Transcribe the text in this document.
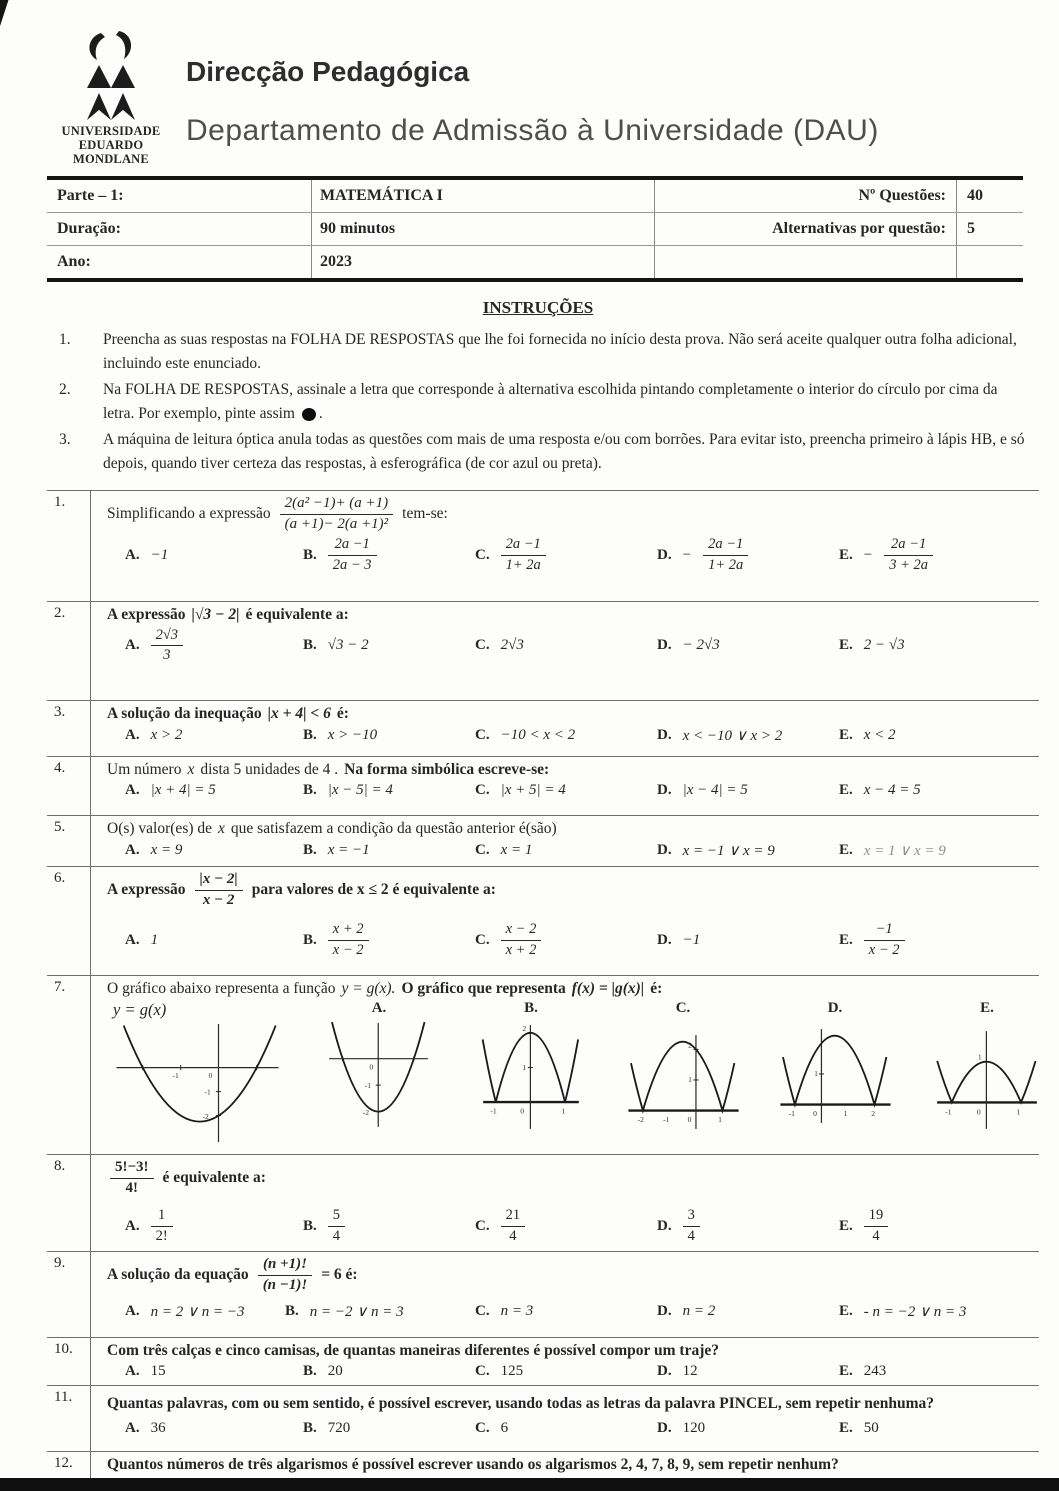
UNIVERSIDADE
EDUARDO
MONDLANE
Direcção Pedagógica
Departamento de Admissão à Universidade (DAU)
Parte – 1:	MATEMÁTICA I	Nº Questões:	40
Duração:	90 minutos	Alternativas por questão:	5
Ano:	2023
INSTRUÇÕES
1.	Preencha as suas respostas na FOLHA DE RESPOSTAS que lhe foi fornecida no início desta prova. Não será aceite qualquer outra folha adicional, incluindo este enunciado.
2.	Na FOLHA DE RESPOSTAS, assinale a letra que corresponde à alternativa escolhida pintando completamente o interior do círculo por cima da letra. Por exemplo, pinte assim .
3.	A máquina de leitura óptica anula todas as questões com mais de uma resposta e/ou com borrões. Para evitar isto, preencha primeiro à lápis HB, e só depois, quando tiver certeza das respostas, à esferográfica (de cor azul ou preta).
1.
Simplificando a expressão $\frac{\text{2(a² −1)+ (a +1)}}{\text{(a +1)− 2(a +1)²}} tem-se$:
A. −1	B. $\frac{2a -1}{2a - 3}$	C. $\frac{2a -1}{1+ 2a}$	D. − $\frac{2a -1}{1+ 2a}$	E. − $\frac{2a -1}{3 + 2a}$
2.	A expressão |√3 − 2| é equivalente a:
A. $\frac{2√3}{3}$	B. √3 − 2	C. 2√3	D. − 2√3	E. 2 − √3
3.	A solução da inequação |x + 4| < 6 é:
A. x > 2	B. x > −10	C. −10 < x < 2	D. x < −10 ∨ x > 2	E. x < 2
4.	Um número x dista 5 unidades de 4 . Na forma simbólica escreve-se:
A. |x + 4| = 5	B. |x − 5| = 4	C. |x + 5| = 4	D. |x − 4| = 5	E. x − 4 = 5
5.	O(s) valor(es) de x que satisfazem a condição da questão anterior é(são)
A. x = 9	B. x = −1	C. x = 1	D. x = −1 ∨ x = 9	E. x = 1 ∨ x = 9
6.
A expressão $\frac{|x - 2|}{x - 2}$ para valores de x ≤ 2 é equivalente a:
A. 1	B. $\frac{x + 2}{x - 2}$	C. $\frac{x - 2}{x + 2}$	D. −1	E. $\frac{-1}{x - 2}$
7.	O gráfico abaixo representa a função y = g(x). O gráfico que representa f(x) = |g(x)| é:
y = g(x)
-1	0
-1
-2
A.
0
-1
-2
B.
2
1
-1	0	1
C.
-2	-1 0	1
2
1
D.
-1 0	1	2
1
E.
-1	0	1
1
8.	$\frac{5!-3!}{4!}$ é equivalente a:
A. $\frac{1}{2!}$	B. $\frac{5}{4}$	C. $\frac{21}{4}$	D. $\frac{3}{4}$	E. $\frac{19}{4}$
9.
A solução da equação $\frac{(n +1)!}{(n -1)!} = 6$ é:
A. n = 2 ∨ n = −3	B. n = −2 ∨ n = 3	C. n = 3	D. n = 2	E. - n = −2 ∨ n = 3
10.	Com três calças e cinco camisas, de quantas maneiras diferentes é possível compor um traje?
A. 15	B. 20	C. 125	D. 12	E. 243
11.	Quantas palavras, com ou sem sentido, é possível escrever, usando todas as letras da palavra PINCEL, sem repetir nenhuma?
A. 36	B. 720	C. 6	D. 120	E. 50
12.	Quantos números de três algarismos é possível escrever usando os algarismos 2, 4, 7, 8, 9, sem repetir nenhum?
